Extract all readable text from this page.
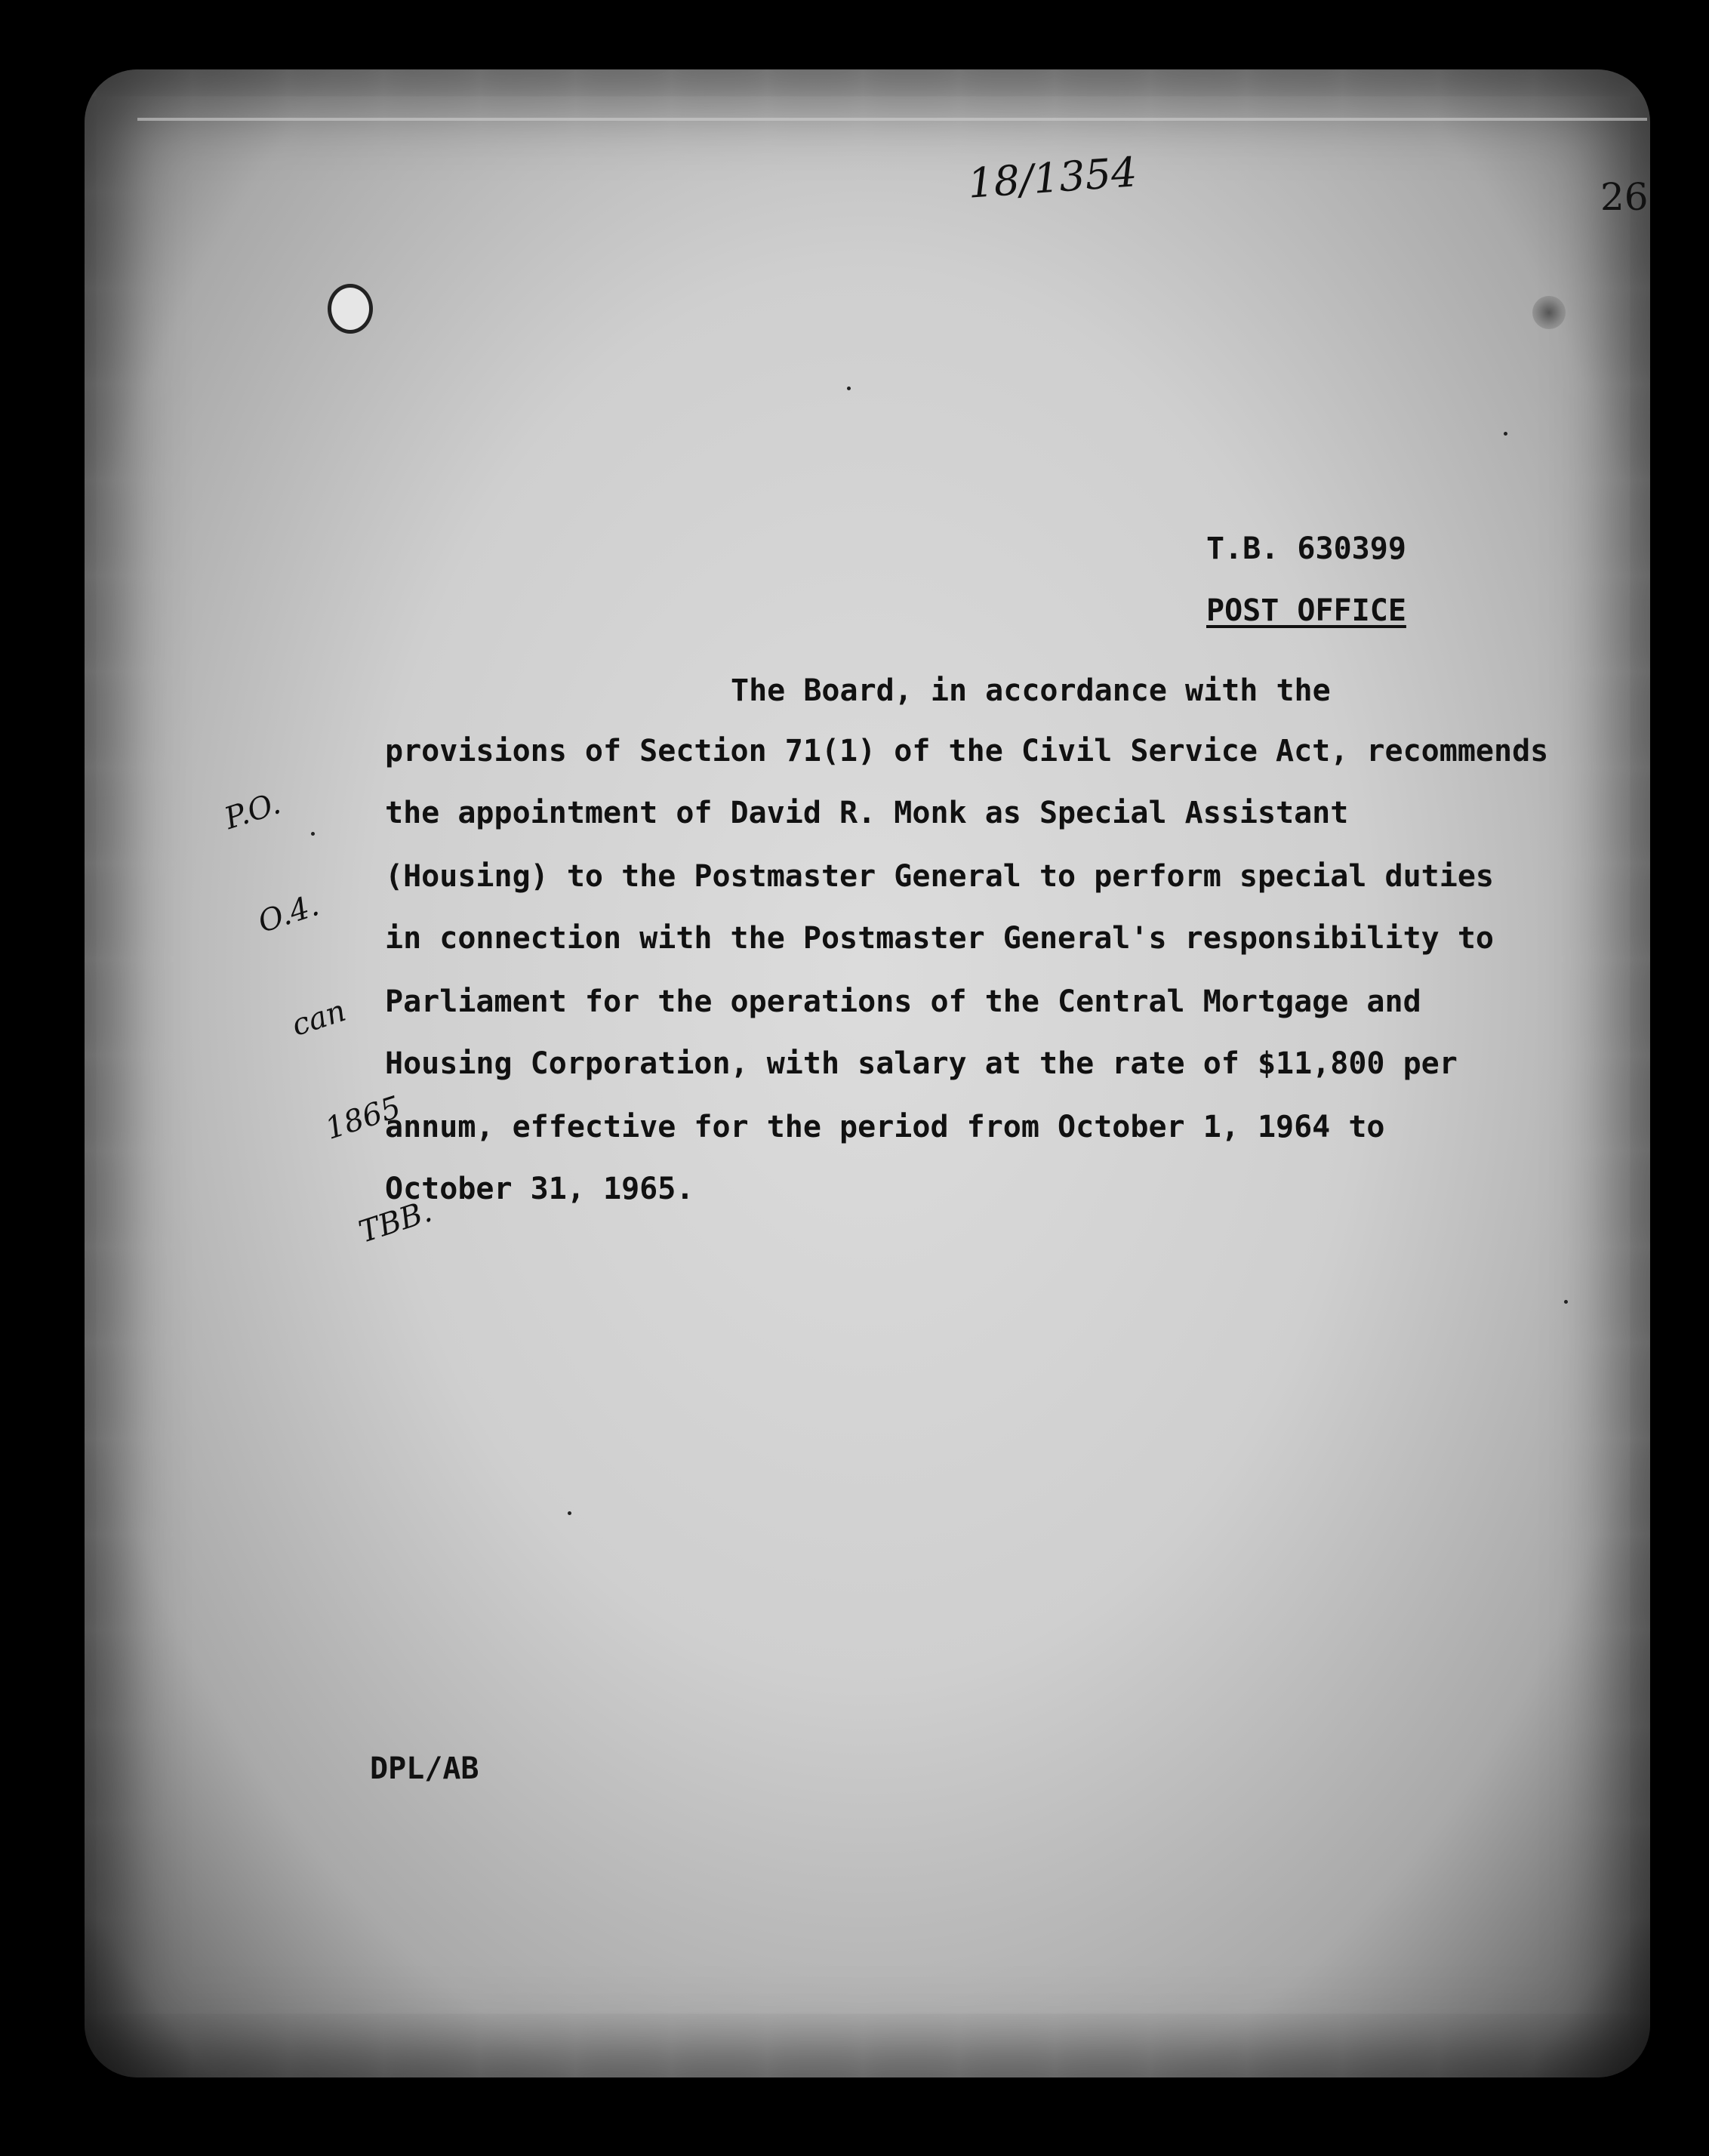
18/1354	26
T.B. 630399
POST OFFICE

P.O.

O.4.

can

1865

TBB.

The Board, in accordance with the
provisions of Section 71(1) of the Civil Service Act, recommends
the appointment of David R. Monk as Special Assistant
(Housing) to the Postmaster General to perform special duties
in connection with the Postmaster General's responsibility to
Parliament for the operations of the Central Mortgage and
Housing Corporation, with salary at the rate of $11,800 per
annum, effective for the period from October 1, 1964 to
October 31, 1965.
DPL/AB
